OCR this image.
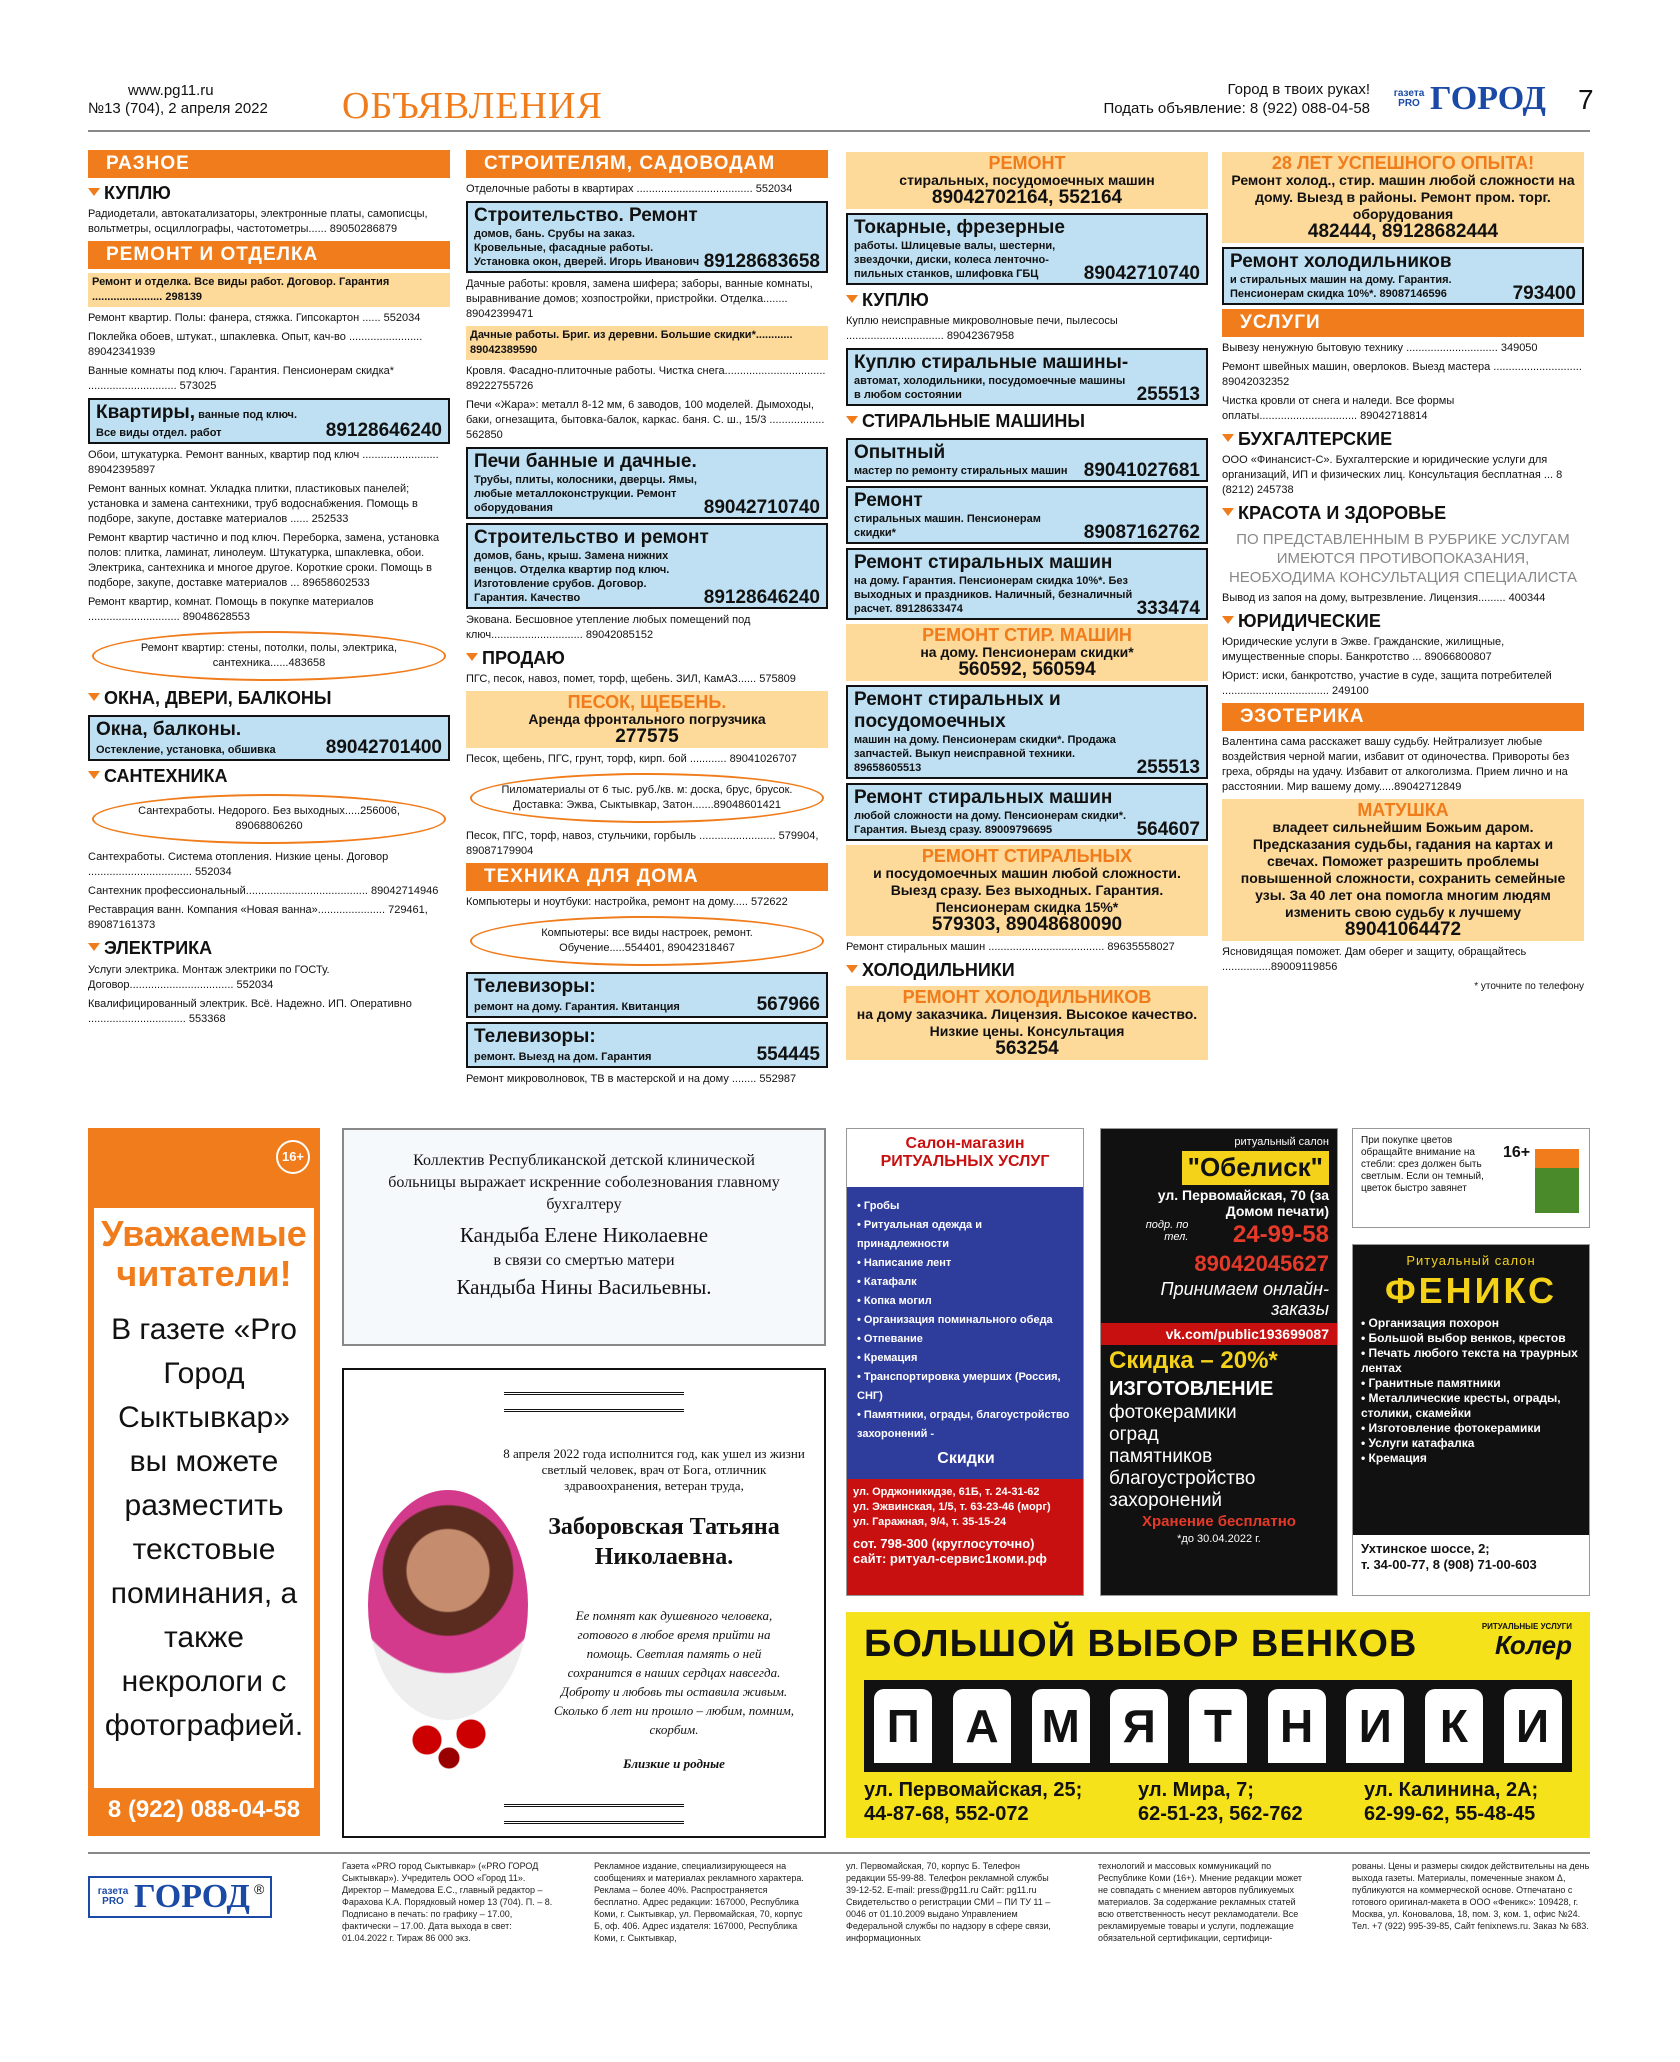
www.pg11.ru
№13 (704), 2 апреля 2022 ОБЪЯВЛЕНИЯ	Город в твоих руках!
Подать объявление: 8 (922) 088-04-58
газета PRO ГОРОД 7
РАЗНОЕ
КУПЛЮ
Радиодетали, автокатализаторы, электронные платы, самописцы, вольтметры, осциллографы, частотометры...... 89050286879
РЕМОНТ И ОТДЕЛКА
Ремонт и отделка. Все виды работ. Договор. Гарантия ....................... 298139
Ремонт квартир. Полы: фанера, стяжка. Гипсокартон ...... 552034
Поклейка обоев, штукат., шпаклевка. Опыт, кач-во ........................ 89042341939
Ванные комнаты под ключ. Гарантия. Пенсионерам скидка* ............................. 573025
Квартиры, ванные под ключ.
Все виды отдел. работ	89128646240
Обои, штукатурка. Ремонт ванных, квартир под ключ ......................... 89042395897
Ремонт ванных комнат. Укладка плитки, пластиковых панелей; установка и замена сантехники, труб водоснабжения. Помощь в подборе, закупе, доставке материалов ...... 252533
Ремонт квартир частично и под ключ. Переборка, замена, установка полов: плитка, ламинат, линолеум. Штукатурка, шпаклевка, обои. Электрика, сантехника и многое другое. Короткие сроки. Помощь в подборе, закупе, доставке материалов ... 89658602533
Ремонт квартир, комнат. Помощь в покупке материалов .............................. 89048628553
Ремонт квартир: стены, потолки, полы, электрика, сантехника......483658
ОКНА, ДВЕРИ, БАЛКОНЫ
Окна, балконы.
Остекление, установка, обшивка	89042701400
САНТЕХНИКА
Сантехработы. Недорого. Без выходных.....256006, 89068806260
Сантехработы. Система отопления. Низкие цены. Договор .................................. 552034
Сантехник профессиональный........................................ 89042714946
Реставрация ванн. Компания «Новая ванна»...................... 729461, 89087161373
ЭЛЕКТРИКА
Услуги электрика. Монтаж электрики по ГОСТу. Договор.................................. 552034
Квалифицированный электрик. Всё. Надежно. ИП. Оперативно ................................ 553368
СТРОИТЕЛЯМ, САДОВОДАМ
Отделочные работы в квартирах ...................................... 552034
Строительство. Ремонт
домов, бань. Срубы на заказ. Кровельные, фасадные работы. Установка окон, дверей. Игорь Иванович 89128683658
Дачные работы: кровля, замена шифера; заборы, ванные комнаты, выравнивание домов; хозпостройки, пристройки. Отделка........ 89042399471
Дачные работы. Бриг. из деревни. Большие скидки*............ 89042389590
Кровля. Фасадно-плиточные работы. Чистка снега................................. 89222755726
Печи «Жара»: металл 8-12 мм, 6 заводов, 100 моделей. Дымоходы, баки, огнезащита, бытовка-балок, каркас. баня. С. ш., 15/3 .................. 562850
Печи банные и дачные.
Трубы, плиты, колосники, дверцы. Ямы, любые металлоконструкции. Ремонт оборудования	89042710740
Строительство и ремонт
домов, бань, крыш. Замена нижних венцов. Отделка квартир под ключ. Изготовление срубов. Договор. Гарантия. Качество	89128646240
Экована. Бесшовное утепление любых помещений под ключ.............................. 89042085152
ПРОДАЮ
ПГС, песок, навоз, помет, торф, щебень. ЗИЛ, КамАЗ...... 575809
ПЕСОК, ЩЕБЕНЬ.
Аренда фронтального погрузчика
277575
Песок, щебень, ПГС, грунт, торф, кирп. бой ............ 89041026707
Пиломатериалы от 6 тыс. руб./кв. м: доска, брус, брусок. Доставка: Эжва, Сыктывкар, Затон.......89048601421
Песок, ПГС, торф, навоз, стульчики, горбыль ......................... 579904, 89087179904
ТЕХНИКА ДЛЯ ДОМА
Компьютеры и ноутбуки: настройка, ремонт на дому..... 572622
Компьютеры: все виды настроек, ремонт. Обучение.....554401, 89042318467
Телевизоры:
ремонт на дому. Гарантия. Квитанция	567966
Телевизоры:
ремонт. Выезд на дом. Гарантия	554445
Ремонт микроволновок, ТВ в мастерской и на дому ........ 552987
РЕМОНТ
стиральных, посудомоечных машин
89042702164, 552164
Токарные, фрезерные
работы. Шлицевые валы, шестерни, звездочки, диски, колеса ленточно-пильных станков, шлифовка ГБЦ	89042710740
КУПЛЮ
Куплю неисправные микроволновые печи, пылесосы ................................ 89042367958
Куплю стиральные машины-
автомат, холодильники, посудомоечные машины в любом состоянии	255513
СТИРАЛЬНЫЕ МАШИНЫ
Опытный
мастер по ремонту стиральных машин 89041027681
Ремонт
стиральных машин. Пенсионерам скидки*	89087162762
Ремонт стиральных машин
на дому. Гарантия. Пенсионерам скидка 10%*. Без выходных и праздников. Наличный, безналичный расчет. 89128633474	333474
РЕМОНТ СТИР. МАШИН
на дому. Пенсионерам скидки*
560592, 560594
Ремонт стиральных и посудомоечных
машин на дому. Пенсионерам скидки*. Продажа запчастей. Выкуп неисправной техники. 89658605513	255513
Ремонт стиральных машин
любой сложности на дому. Пенсионерам скидки*. Гарантия. Выезд сразу. 89009796695	564607
РЕМОНТ СТИРАЛЬНЫХ
и посудомоечных машин любой сложности. Выезд сразу. Без выходных. Гарантия. Пенсионерам скидка 15%*
579303, 89048680090
Ремонт стиральных машин ...................................... 89635558027
ХОЛОДИЛЬНИКИ
РЕМОНТ ХОЛОДИЛЬНИКОВ
на дому заказчика. Лицензия. Высокое качество. Низкие цены. Консультация
563254
28 ЛЕТ УСПЕШНОГО ОПЫТА!
Ремонт холод., стир. машин любой сложности на дому. Выезд в районы. Ремонт пром. торг. оборудования
482444, 89128682444
Ремонт холодильников
и стиральных машин на дому. Гарантия. Пенсионерам скидка 10%*. 89087146596	793400
УСЛУГИ
Вывезу ненужную бытовую технику .............................. 349050
Ремонт швейных машин, оверлоков. Выезд мастера ............................. 89042032352
Чистка кровли от снега и наледи. Все формы оплаты................................ 89042718814
БУХГАЛТЕРСКИЕ
ООО «Финансист-С». Бухгалтерские и юридические услуги для организаций, ИП и физических лиц. Консультация бесплатная ... 8 (8212) 245738
КРАСОТА И ЗДОРОВЬЕ
ПО ПРЕДСТАВЛЕННЫМ В РУБРИКЕ УСЛУГАМ ИМЕЮТСЯ ПРОТИВОПОКАЗАНИЯ, НЕОБХОДИМА КОНСУЛЬТАЦИЯ СПЕЦИАЛИСТА
Вывод из запоя на дому, вытрезвление. Лицензия......... 400344
ЮРИДИЧЕСКИЕ
Юридические услуги в Эжве. Гражданские, жилищные, имущественные споры. Банкротство ... 89066800807
Юрист: иски, банкротство, участие в суде, защита потребителей ................................... 249100
ЭЗОТЕРИКА
Валентина сама расскажет вашу судьбу. Нейтрализует любые воздействия черной магии, избавит от одиночества. Привороты без греха, обряды на удачу. Избавит от алкоголизма. Прием лично и на расстоянии. Мир вашему дому.....89042712849
МАТУШКА
владеет сильнейшим Божьим даром. Предсказания судьбы, гадания на картах и свечах. Поможет разрешить проблемы повышенной сложности, сохранить семейные узы. За 40 лет она помогла многим людям изменить свою судьбу к лучшему
89041064472
Ясновидящая поможет. Дам оберег и защиту, обращайтесь ................89009119856
* уточните по телефону
16+
Уважаемые читатели!
В газете «Pro Город Сыктывкар» вы можете разместить текстовые поминания, а также некрологи с фотографией.
8 (922) 088-04-58
Коллектив Республиканской детской клинической больницы выражает искренние соболезнования главному бухгалтеру
Кандыба Елене Николаевне
в связи со смертью матери
Кандыба Нины Васильевны.
8 апреля 2022 года исполнится год, как ушел из жизни светлый человек, врач от Бога, отличник здравоохранения, ветеран труда,
Заборовская Татьяна Николаевна.
Ее помнят как душевного человека, готового в любое время прийти на помощь. Светлая память о ней сохранится в наших сердцах навсегда. Доброту и любовь ты оставила живым. Сколько б лет ни прошло – любим, помним, скорбим.
Близкие и родные
Салон-магазин РИТУАЛЬНЫХ УСЛУГ
• Гробы
• Ритуальная одежда и принадлежности
• Написание лент
• Катафалк
• Копка могил
• Организация поминального обеда
• Отпевание
• Кремация
• Транспортировка умерших (Россия, СНГ)
• Памятники, ограды, благоустройство захоронений -
Скидки
ул. Орджоникидзе, 61Б, т. 24-31-62
ул. Эжвинская, 1/5, т. 63-23-46 (морг)
ул. Гаражная, 9/4, т. 35-15-24
сот. 798-300 (круглосуточно)
сайт: ритуал-сервис1коми.рф
ритуальный салон
"Обелиск"
ул. Первомайская, 70 (за Домом печати)
подр. по тел.	24-99-58
89042045627
Принимаем онлайн-заказы
vk.com/public193699087
Скидка – 20%*
ИЗГОТОВЛЕНИЕ
фотокерамики
оград
памятников
благоустройство захоронений
Хранение бесплатно
*до 30.04.2022 г.
При покупке цветов обращайте внимание на стебли: срез должен быть светлым. Если он темный, цветок быстро завянет
16+
Ритуальный салон
ФЕНИКС
• Организация похорон
• Большой выбор венков, крестов
• Печать любого текста на траурных лентах
• Гранитные памятники
• Металлические кресты, ограды, столики, скамейки
• Изготовление фотокерамики
• Услуги катафалка
• Кремация
Ухтинское шоссе, 2;
т. 34-00-77, 8 (908) 71-00-603
БОЛЬШОЙ ВЫБОР ВЕНКОВ	РИТУАЛЬНЫЕ УСЛУГИ
Колер
П А М Я	Т	Н И	К	И
ул. Первомайская, 25;
44-87-68, 552-072
ул. Мира, 7;
62-51-23, 562-762
ул. Калинина, 2А;
62-99-62, 55-48-45
газета PRO ГОРОД ®
Газета «PRO город Сыктывкар» («PRO ГОРОД Сыктывкар»). Учредитель ООО «Город 11». Директор – Мамедова Е.С., главный редактор – Фарахова К.А. Порядковый номер 13 (704). П. – 8. Подписано в печать: по графику – 17.00, фактически – 17.00. Дата выхода в свет: 01.04.2022 г. Тираж 86 000 экз.
Рекламное издание, специализирующееся на сообщениях и материалах рекламного характера. Реклама – более 40%. Распространяется бесплатно. Адрес редакции: 167000, Республика Коми, г. Сыктывкар, ул. Первомайская, 70, корпус Б, оф. 406. Адрес издателя: 167000, Республика Коми, г. Сыктывкар,
ул. Первомайская, 70, корпус Б. Телефон редакции 55-99-88. Телефон рекламной службы 39-12-52. E-mail: press@pg11.ru Сайт: pg11.ru Свидетельство о регистрации СМИ – ПИ ТУ 11 – 0046 от 01.10.2009 выдано Управлением Федеральной службы по надзору в сфере связи, информационных
технологий и массовых коммуникаций по Республике Коми (16+). Мнение редакции может не совпадать с мнением авторов публикуемых материалов. За содержание рекламных статей всю ответственность несут рекламодатели. Все рекламируемые товары и услуги, подлежащие обязательной сертификации, сертифици-
рованы. Цены и размеры скидок действительны на день выхода газеты. Материалы, помеченные знаком Δ, публикуются на коммерческой основе. Отпечатано с готового оригинал-макета в ООО «Феникс»: 109428, г. Москва, ул. Коновалова, 18, пом. 3, ком. 1, офис №24. Тел. +7 (922) 995-39-85, Сайт fenixnews.ru. Заказ № 683.
